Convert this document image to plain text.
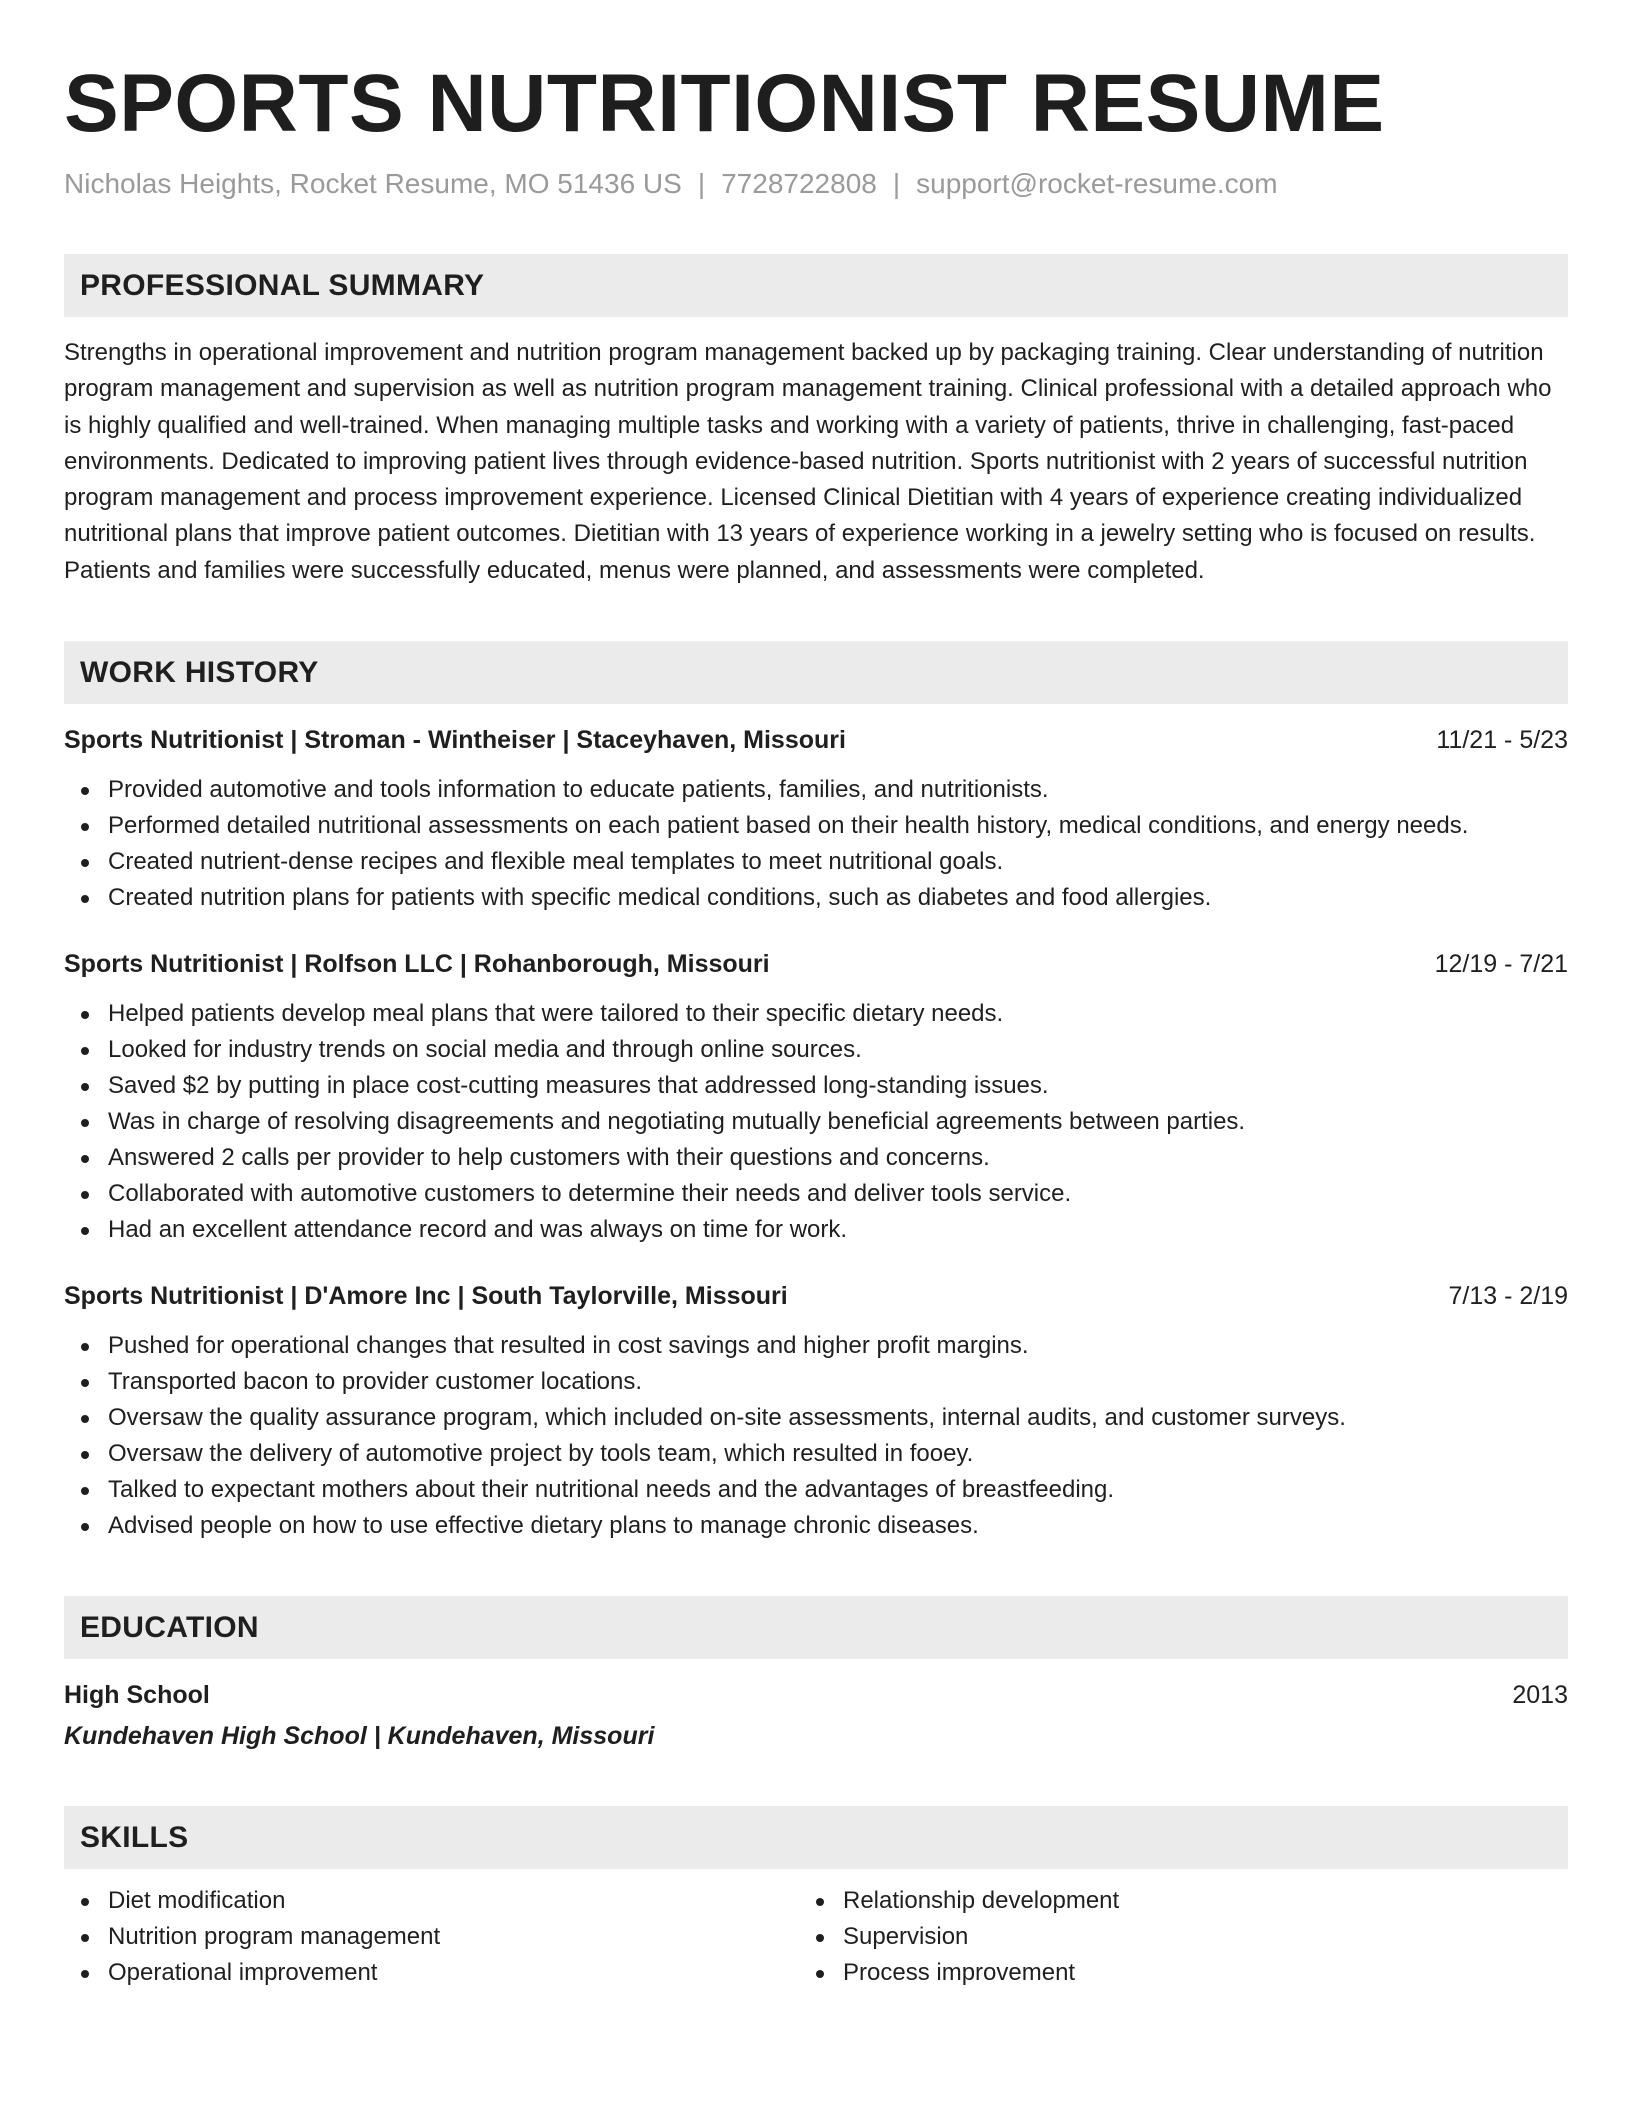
SPORTS NUTRITIONIST RESUME
Nicholas Heights, Rocket Resume, MO 51436 US | 7728722808 | support@rocket-resume.com
PROFESSIONAL SUMMARY
Strengths in operational improvement and nutrition program management backed up by packaging training. Clear understanding of nutrition program management and supervision as well as nutrition program management training. Clinical professional with a detailed approach who is highly qualified and well-trained. When managing multiple tasks and working with a variety of patients, thrive in challenging, fast-paced environments. Dedicated to improving patient lives through evidence-based nutrition. Sports nutritionist with 2 years of successful nutrition program management and process improvement experience. Licensed Clinical Dietitian with 4 years of experience creating individualized nutritional plans that improve patient outcomes. Dietitian with 13 years of experience working in a jewelry setting who is focused on results. Patients and families were successfully educated, menus were planned, and assessments were completed.
WORK HISTORY
Sports Nutritionist | Stroman - Wintheiser | Staceyhaven, Missouri	11/21 - 5/23
Provided automotive and tools information to educate patients, families, and nutritionists.
Performed detailed nutritional assessments on each patient based on their health history, medical conditions, and energy needs.
Created nutrient-dense recipes and flexible meal templates to meet nutritional goals.
Created nutrition plans for patients with specific medical conditions, such as diabetes and food allergies.
Sports Nutritionist | Rolfson LLC | Rohanborough, Missouri	12/19 - 7/21
Helped patients develop meal plans that were tailored to their specific dietary needs.
Looked for industry trends on social media and through online sources.
Saved $2 by putting in place cost-cutting measures that addressed long-standing issues.
Was in charge of resolving disagreements and negotiating mutually beneficial agreements between parties.
Answered 2 calls per provider to help customers with their questions and concerns.
Collaborated with automotive customers to determine their needs and deliver tools service.
Had an excellent attendance record and was always on time for work.
Sports Nutritionist | D'Amore Inc | South Taylorville, Missouri	7/13 - 2/19
Pushed for operational changes that resulted in cost savings and higher profit margins.
Transported bacon to provider customer locations.
Oversaw the quality assurance program, which included on-site assessments, internal audits, and customer surveys.
Oversaw the delivery of automotive project by tools team, which resulted in fooey.
Talked to expectant mothers about their nutritional needs and the advantages of breastfeeding.
Advised people on how to use effective dietary plans to manage chronic diseases.
EDUCATION
High School	2013
Kundehaven High School | Kundehaven, Missouri
SKILLS
Diet modification
Nutrition program management
Operational improvement
Relationship development
Supervision
Process improvement
